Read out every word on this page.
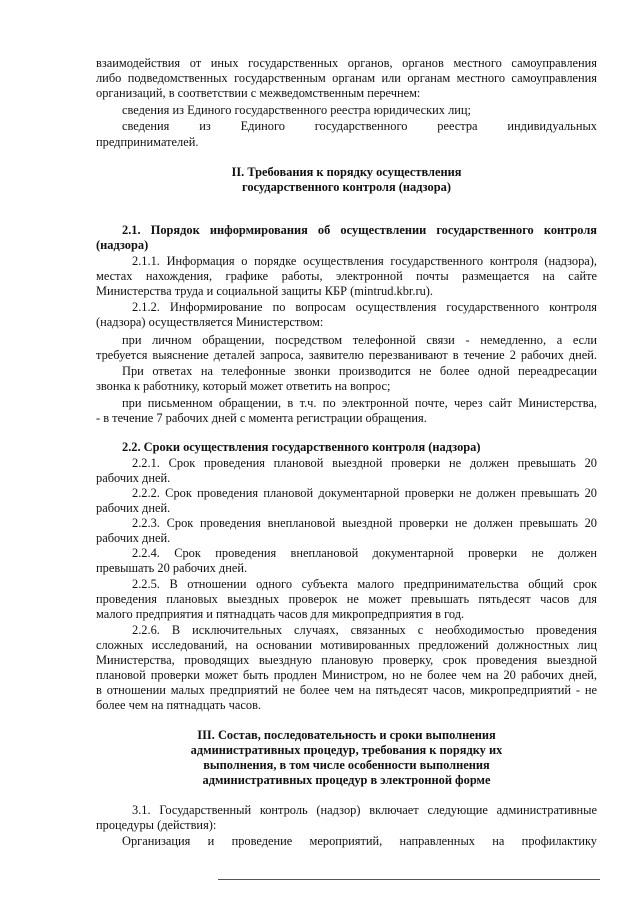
взаимодействия от иных государственных органов, органов местного самоуправления
либо подведомственных государственным органам или органам местного самоуправления
организаций, в соответствии с межведомственным перечнем:
сведения из Единого государственного реестра юридических лиц;
сведения из Единого государственного реестра индивидуальных
предпринимателей.
II. Требования к порядку осуществления
государственного контроля (надзора)
2.1. Порядок информирования об осуществлении государственного контроля
(надзора)
2.1.1. Информация о порядке осуществления государственного контроля (надзора),
местах нахождения, графике работы, электронной почты размещается на сайте
Министерства труда и социальной защиты КБР (mintrud.kbr.ru).
2.1.2. Информирование по вопросам осуществления государственного контроля
(надзора) осуществляется Министерством:
при личном обращении, посредством телефонной связи - немедленно, а если
требуется выяснение деталей запроса, заявителю перезванивают в течение 2 рабочих дней.
При ответах на телефонные звонки производится не более одной переадресации
звонка к работнику, который может ответить на вопрос;
при письменном обращении, в т.ч. по электронной почте, через сайт Министерства,
- в течение 7 рабочих дней с момента регистрации обращения.
2.2. Сроки осуществления государственного контроля (надзора)
2.2.1. Срок проведения плановой выездной проверки не должен превышать 20
рабочих дней.
2.2.2. Срок проведения плановой документарной проверки не должен превышать 20
рабочих дней.
2.2.3. Срок проведения внеплановой выездной проверки не должен превышать 20
рабочих дней.
2.2.4. Срок проведения внеплановой документарной проверки не должен
превышать 20 рабочих дней.
2.2.5. В отношении одного субъекта малого предпринимательства общий срок
проведения плановых выездных проверок не может превышать пятьдесят часов для
малого предприятия и пятнадцать часов для микропредприятия в год.
2.2.6. В исключительных случаях, связанных с необходимостью проведения
сложных исследований, на основании мотивированных предложений должностных лиц
Министерства, проводящих выездную плановую проверку, срок проведения выездной
плановой проверки может быть продлен Министром, но не более чем на 20 рабочих дней,
в отношении малых предприятий не более чем на пятьдесят часов, микропредприятий - не
более чем на пятнадцать часов.
III. Состав, последовательность и сроки выполнения
административных процедур, требования к порядку их
выполнения, в том числе особенности выполнения
административных процедур в электронной форме
3.1. Государственный контроль (надзор) включает следующие административные
процедуры (действия):
Организация и проведение мероприятий, направленных на профилактику
